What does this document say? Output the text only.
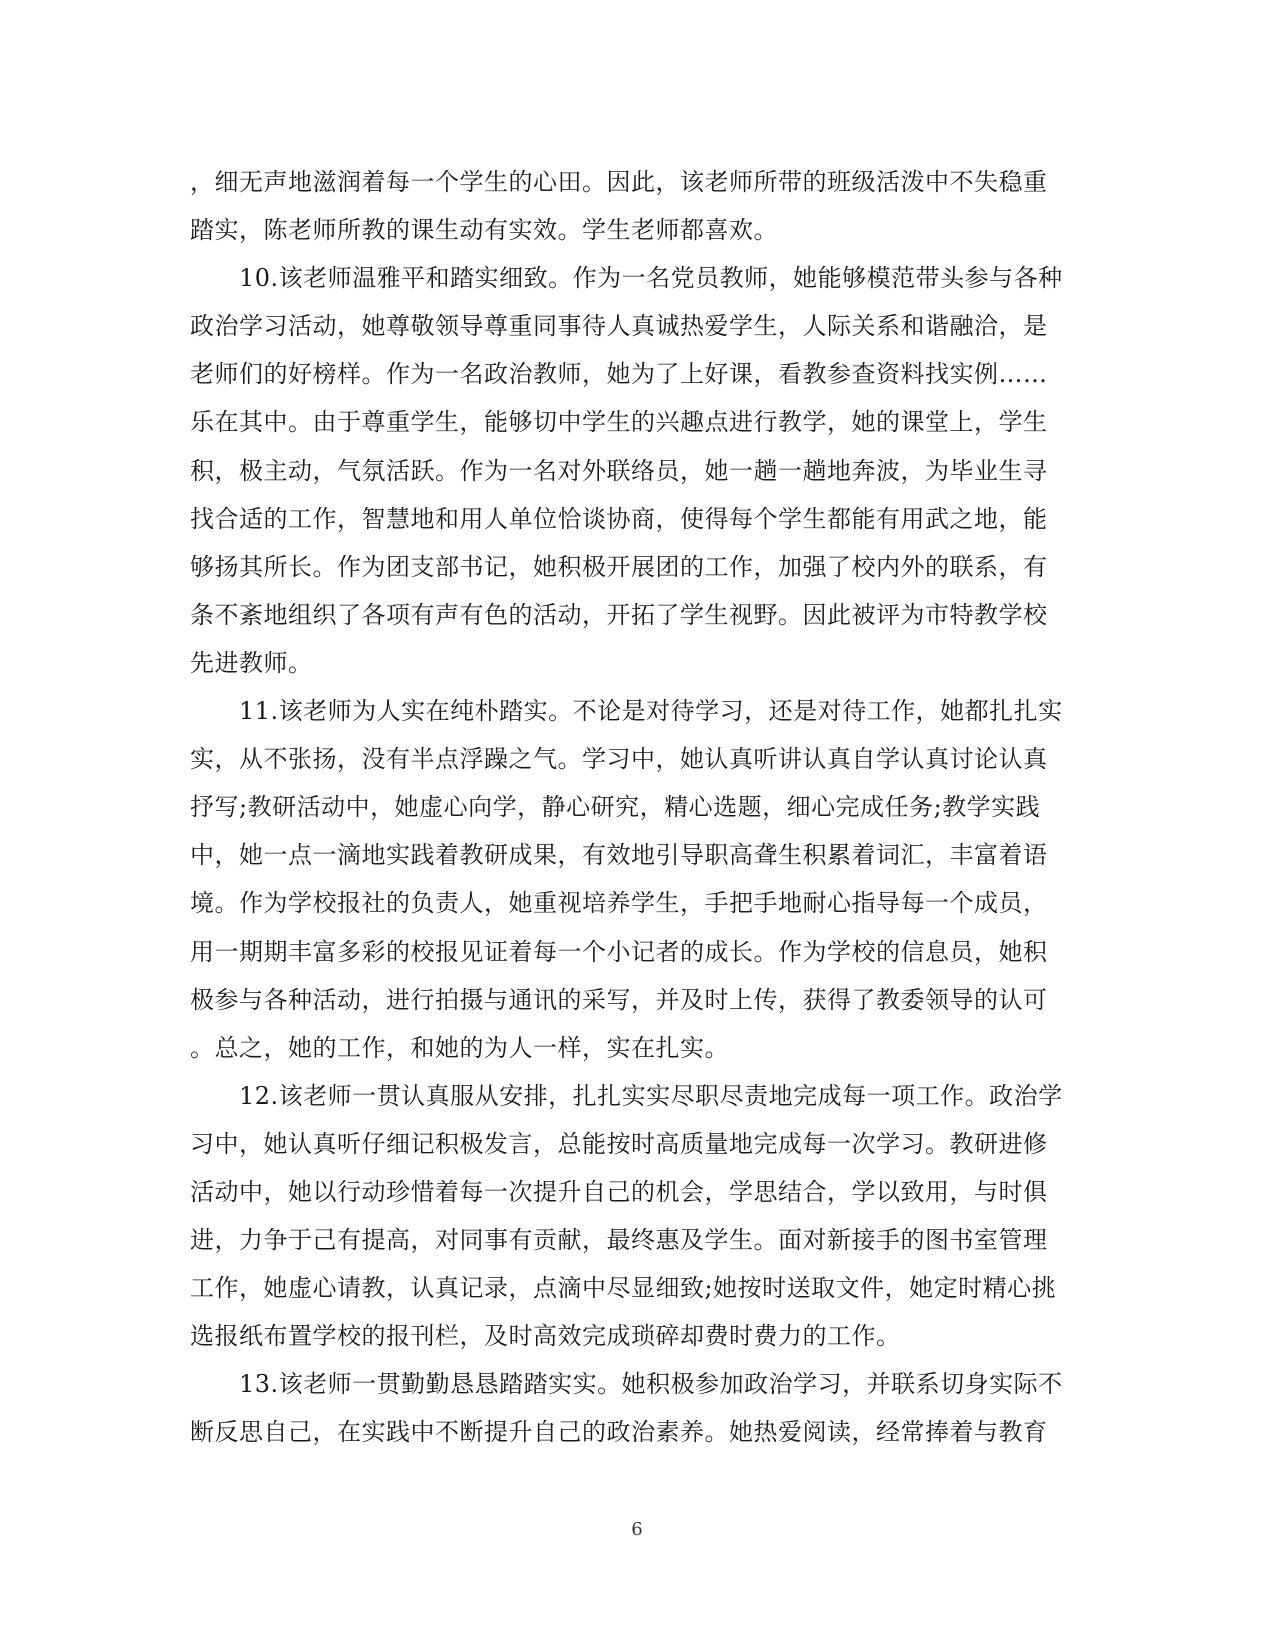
，细无声地滋润着每一个学生的心田。因此，该老师所带的班级活泼中不失稳重
踏实，陈老师所教的课生动有实效。学生老师都喜欢。
　　10.该老师温雅平和踏实细致。作为一名党员教师，她能够模范带头参与各种
政治学习活动，她尊敬领导尊重同事待人真诚热爱学生，人际关系和谐融洽，是
老师们的好榜样。作为一名政治教师，她为了上好课，看教参查资料找实例……
乐在其中。由于尊重学生，能够切中学生的兴趣点进行教学，她的课堂上，学生
积，极主动，气氛活跃。作为一名对外联络员，她一趟一趟地奔波，为毕业生寻
找合适的工作，智慧地和用人单位恰谈协商，使得每个学生都能有用武之地，能
够扬其所长。作为团支部书记，她积极开展团的工作，加强了校内外的联系，有
条不紊地组织了各项有声有色的活动，开拓了学生视野。因此被评为市特教学校
先进教师。
　　11.该老师为人实在纯朴踏实。不论是对待学习，还是对待工作，她都扎扎实
实，从不张扬，没有半点浮躁之气。学习中，她认真听讲认真自学认真讨论认真
抒写;教研活动中，她虚心向学，静心研究，精心选题，细心完成任务;教学实践
中，她一点一滴地实践着教研成果，有效地引导职高聋生积累着词汇，丰富着语
境。作为学校报社的负责人，她重视培养学生，手把手地耐心指导每一个成员，
用一期期丰富多彩的校报见证着每一个小记者的成长。作为学校的信息员，她积
极参与各种活动，进行拍摄与通讯的采写，并及时上传，获得了教委领导的认可
。总之，她的工作，和她的为人一样，实在扎实。
　　12.该老师一贯认真服从安排，扎扎实实尽职尽责地完成每一项工作。政治学
习中，她认真听仔细记积极发言，总能按时高质量地完成每一次学习。教研进修
活动中，她以行动珍惜着每一次提升自己的机会，学思结合，学以致用，与时俱
进，力争于己有提高，对同事有贡献，最终惠及学生。面对新接手的图书室管理
工作，她虚心请教，认真记录，点滴中尽显细致;她按时送取文件，她定时精心挑
选报纸布置学校的报刊栏，及时高效完成琐碎却费时费力的工作。
　　13.该老师一贯勤勤恳恳踏踏实实。她积极参加政治学习，并联系切身实际不
断反思自己，在实践中不断提升自己的政治素养。她热爱阅读，经常捧着与教育
6
